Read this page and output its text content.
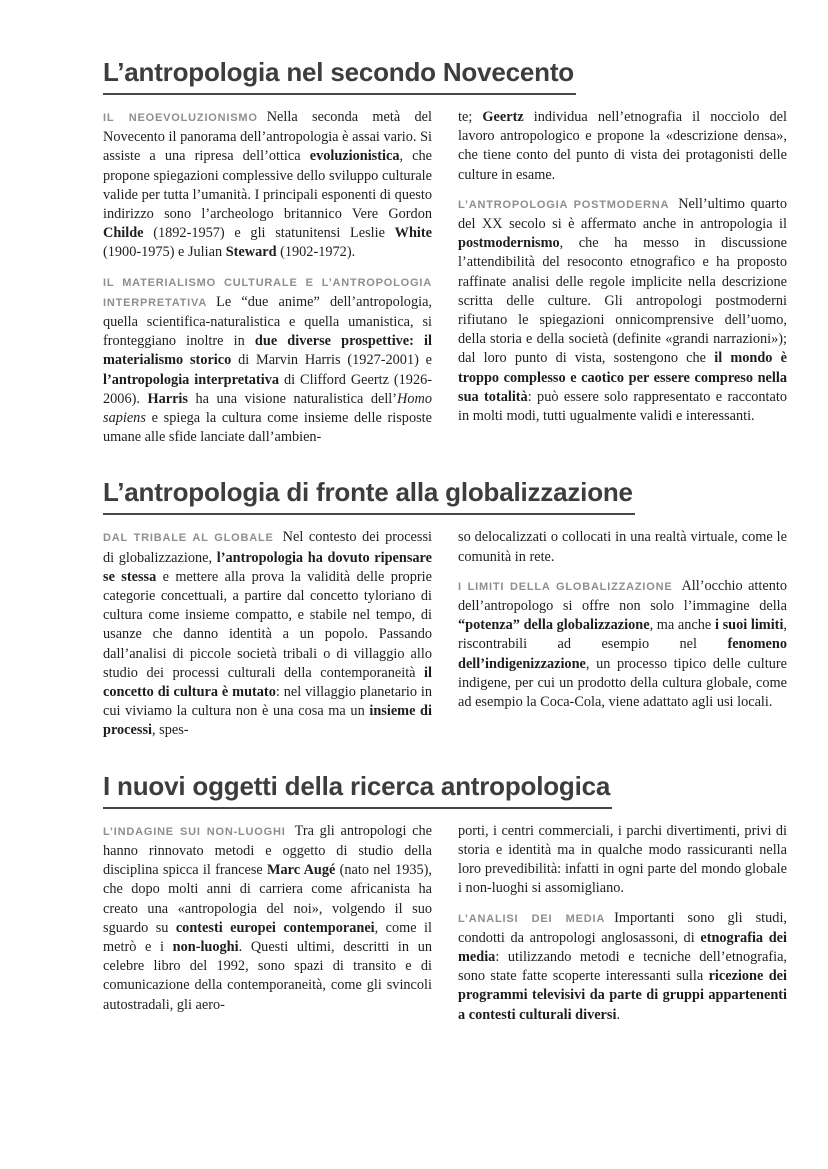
L’antropologia nel secondo Novecento

IL NEOEVOLUZIONISMO Nella seconda metà del Novecento il panorama dell’antropologia è assai vario. Si assiste a una ripresa dell’ottica evoluzionistica, che propone spiegazioni complessive dello sviluppo culturale valide per tutta l’umanità. I principali esponenti di questo indirizzo sono l’archeologo britannico Vere Gordon Childe (1892-1957) e gli statunitensi Leslie White (1900-1975) e Julian Steward (1902-1972).

IL MATERIALISMO CULTURALE E L’ANTROPOLOGIA INTERPRETATIVA Le “due anime” dell’antropologia, quella scientifica-naturalistica e quella umanistica, si fronteggiano inoltre in due diverse prospettive: il materialismo storico di Marvin Harris (1927-2001) e l’antropologia interpretativa di Clifford Geertz (1926-2006). Harris ha una visione naturalistica dell’Homo sapiens e spiega la cultura come insieme delle risposte umane alle sfide lanciate dall’ambien-

te; Geertz individua nell’etnografia il nocciolo del lavoro antropologico e propone la «descrizione densa», che tiene conto del punto di vista dei protagonisti delle culture in esame.

L’ANTROPOLOGIA POSTMODERNA Nell’ultimo quarto del XX secolo si è affermato anche in antropologia il postmodernismo, che ha messo in discussione l’attendibilità del resoconto etnografico e ha proposto raffinate analisi delle regole implicite nella descrizione scritta delle culture. Gli antropologi postmoderni rifiutano le spiegazioni onnicomprensive dell’uomo, della storia e della società (definite «grandi narrazioni»); dal loro punto di vista, sostengono che il mondo è troppo complesso e caotico per essere compreso nella sua totalità: può essere solo rappresentato e raccontato in molti modi, tutti ugualmente validi e interessanti.

L’antropologia di fronte alla globalizzazione

DAL TRIBALE AL GLOBALE Nel contesto dei processi di globalizzazione, l’antropologia ha dovuto ripensare se stessa e mettere alla prova la validità delle proprie categorie concettuali, a partire dal concetto tyloriano di cultura come insieme compatto, e stabile nel tempo, di usanze che danno identità a un popolo. Passando dall’analisi di piccole società tribali o di villaggio allo studio dei processi culturali della contemporaneità il concetto di cultura è mutato: nel villaggio planetario in cui viviamo la cultura non è una cosa ma un insieme di processi, spes-

so delocalizzati o collocati in una realtà virtuale, come le comunità in rete.

I LIMITI DELLA GLOBALIZZAZIONE All’occhio attento dell’antropologo si offre non solo l’immagine della “potenza” della globalizzazione, ma anche i suoi limiti, riscontrabili ad esempio nel fenomeno dell’indigenizzazione, un processo tipico delle culture indigene, per cui un prodotto della cultura globale, come ad esempio la Coca-Cola, viene adattato agli usi locali.

I nuovi oggetti della ricerca antropologica

L’INDAGINE SUI NON-LUOGHI Tra gli antropologi che hanno rinnovato metodi e oggetto di studio della disciplina spicca il francese Marc Augé (nato nel 1935), che dopo molti anni di carriera come africanista ha creato una «antropologia del noi», volgendo il suo sguardo su contesti europei contemporanei, come il metrò e i non-luoghi. Questi ultimi, descritti in un celebre libro del 1992, sono spazi di transito e di comunicazione della contemporaneità, come gli svincoli autostradali, gli aero-

porti, i centri commerciali, i parchi divertimenti, privi di storia e identità ma in qualche modo rassicuranti nella loro prevedibilità: infatti in ogni parte del mondo globale i non-luoghi si assomigliano.

L’ANALISI DEI MEDIA Importanti sono gli studi, condotti da antropologi anglosassoni, di etnografia dei media: utilizzando metodi e tecniche dell’etnografia, sono state fatte scoperte interessanti sulla ricezione dei programmi televisivi da parte di gruppi appartenenti a contesti culturali diversi.
